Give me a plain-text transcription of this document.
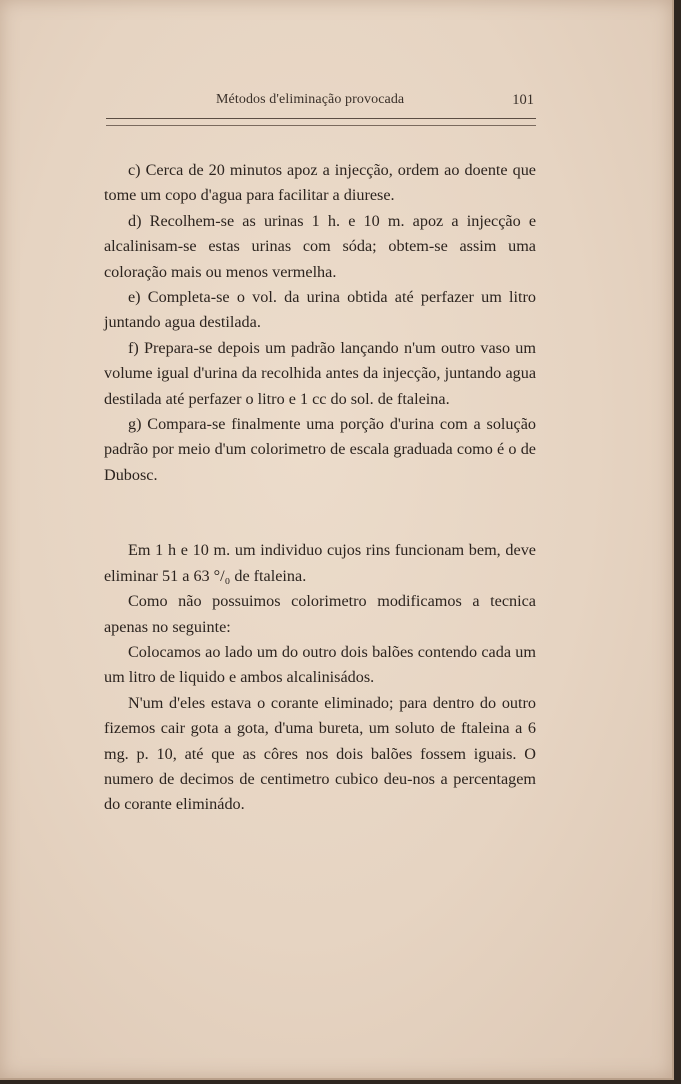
Métodos d'eliminação provocada	101

c) Cerca de 20 minutos apoz a injecção, ordem ao doente que tome um copo d'agua para facilitar a diurese.

d) Recolhem-se as urinas 1 h. e 10 m. apoz a injecção e alcalinisam-se estas urinas com sóda; obtem-se assim uma coloração mais ou menos vermelha.

e) Completa-se o vol. da urina obtida até perfazer um litro juntando agua destilada.

f) Prepara-se depois um padrão lançando n'um outro vaso um volume igual d'urina da recolhida antes da injecção, juntando agua destilada até perfazer o litro e 1 cc do sol. de ftaleina.

g) Compara-se finalmente uma porção d'urina com a solução padrão por meio d'um colorimetro de escala graduada como é o de Dubosc.

Em 1 h e 10 m. um individuo cujos rins funcionam bem, deve eliminar 51 a 63 °/₀ de ftaleina.

Como não possuimos colorimetro modificamos a tecnica apenas no seguinte:

Colocamos ao lado um do outro dois balões contendo cada um um litro de liquido e ambos alcalinisádos.

N'um d'eles estava o corante eliminado; para dentro do outro fizemos cair gota a gota, d'uma bureta, um soluto de ftaleina a 6 mg. p. 10, até que as côres nos dois balões fossem iguais. O numero de decimos de centimetro cubico deu-nos a percentagem do corante eliminádo.
